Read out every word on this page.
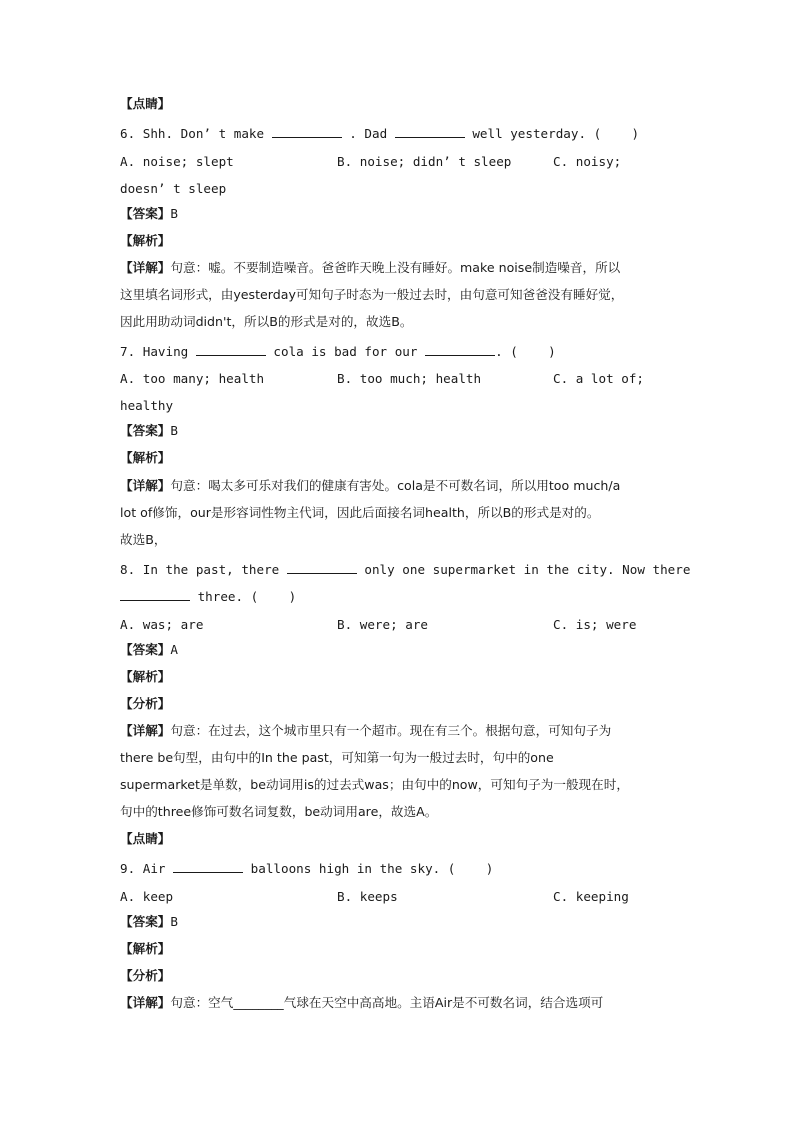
【点睛】
6. Shh. Don’ t make	. Dad	well yesterday. (    )
A. noise; slept	B. noise; didn’ t sleep	C. noisy;
doesn’ t sleep
【答案】B
【解析】
【详解】句意：嘘。不要制造噪音。爸爸昨天晚上没有睡好。make noise制造噪音，所以
这里填名词形式，由yesterday可知句子时态为一般过去时，由句意可知爸爸没有睡好觉，
因此用助动词didn't，所以B的形式是对的，故选B。
7. Having	cola is bad for our	. (    )
A. too many; health	B. too much; health	C. a lot of;
healthy
【答案】B
【解析】
【详解】句意：喝太多可乐对我们的健康有害处。cola是不可数名词，所以用too much/a
lot of修饰，our是形容词性物主代词，因此后面接名词health，所以B的形式是对的。
故选B，
8. In the past, there	only one supermarket in the city. Now there
three. (    )
A. was; are	B. were; are	C. is; were
【答案】A
【解析】
【分析】
【详解】句意：在过去，这个城市里只有一个超市。现在有三个。根据句意，可知句子为
there be句型，由句中的In the past，可知第一句为一般过去时，句中的one
supermarket是单数，be动词用is的过去式was；由句中的now，可知句子为一般现在时，
句中的three修饰可数名词复数，be动词用are，故选A。
【点睛】
9. Air	balloons high in the sky. (    )
A. keep	B. keeps	C. keeping
【答案】B
【解析】
【分析】
【详解】句意：空气________气球在天空中高高地。主语Air是不可数名词，结合选项可
